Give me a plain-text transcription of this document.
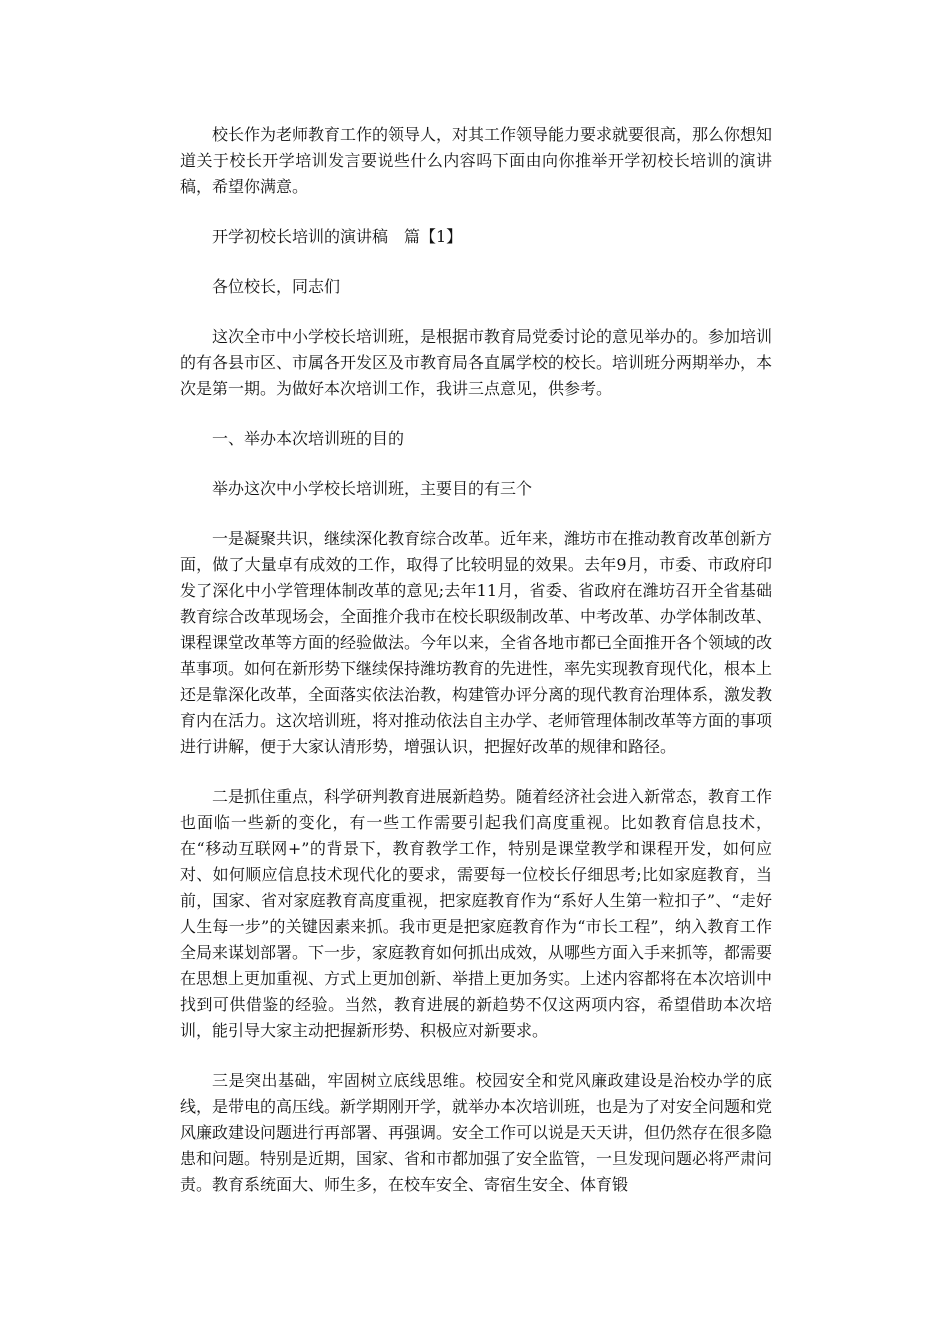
校长作为老师教育工作的领导人，对其工作领导能力要求就要很高，那么你想知道关于校长开学培训发言要说些什么内容吗下面由向你推举开学初校长培训的演讲稿，希望你满意。

开学初校长培训的演讲稿　篇【1】

各位校长，同志们

这次全市中小学校长培训班，是根据市教育局党委讨论的意见举办的。参加培训的有各县市区、市属各开发区及市教育局各直属学校的校长。培训班分两期举办，本次是第一期。为做好本次培训工作，我讲三点意见，供参考。

一、举办本次培训班的目的

举办这次中小学校长培训班，主要目的有三个

一是凝聚共识，继续深化教育综合改革。近年来，潍坊市在推动教育改革创新方面，做了大量卓有成效的工作，取得了比较明显的效果。去年9月，市委、市政府印发了深化中小学管理体制改革的意见;去年11月，省委、省政府在潍坊召开全省基础教育综合改革现场会，全面推介我市在校长职级制改革、中考改革、办学体制改革、课程课堂改革等方面的经验做法。今年以来，全省各地市都已全面推开各个领域的改革事项。如何在新形势下继续保持潍坊教育的先进性，率先实现教育现代化，根本上还是靠深化改革，全面落实依法治教，构建管办评分离的现代教育治理体系，激发教育内在活力。这次培训班，将对推动依法自主办学、老师管理体制改革等方面的事项进行讲解，便于大家认清形势，增强认识，把握好改革的规律和路径。

二是抓住重点，科学研判教育进展新趋势。随着经济社会进入新常态，教育工作也面临一些新的变化，有一些工作需要引起我们高度重视。比如教育信息技术，在“移动互联网+”的背景下，教育教学工作，特别是课堂教学和课程开发，如何应对、如何顺应信息技术现代化的要求，需要每一位校长仔细思考;比如家庭教育，当前，国家、省对家庭教育高度重视，把家庭教育作为“系好人生第一粒扣子”、“走好人生每一步”的关键因素来抓。我市更是把家庭教育作为“市长工程”，纳入教育工作全局来谋划部署。下一步，家庭教育如何抓出成效，从哪些方面入手来抓等，都需要在思想上更加重视、方式上更加创新、举措上更加务实。上述内容都将在本次培训中找到可供借鉴的经验。当然，教育进展的新趋势不仅这两项内容，希望借助本次培训，能引导大家主动把握新形势、积极应对新要求。

三是突出基础，牢固树立底线思维。校园安全和党风廉政建设是治校办学的底线，是带电的高压线。新学期刚开学，就举办本次培训班，也是为了对安全问题和党风廉政建设问题进行再部署、再强调。安全工作可以说是天天讲，但仍然存在很多隐患和问题。特别是近期，国家、省和市都加强了安全监管，一旦发现问题必将严肃问责。教育系统面大、师生多，在校车安全、寄宿生安全、体育锻
